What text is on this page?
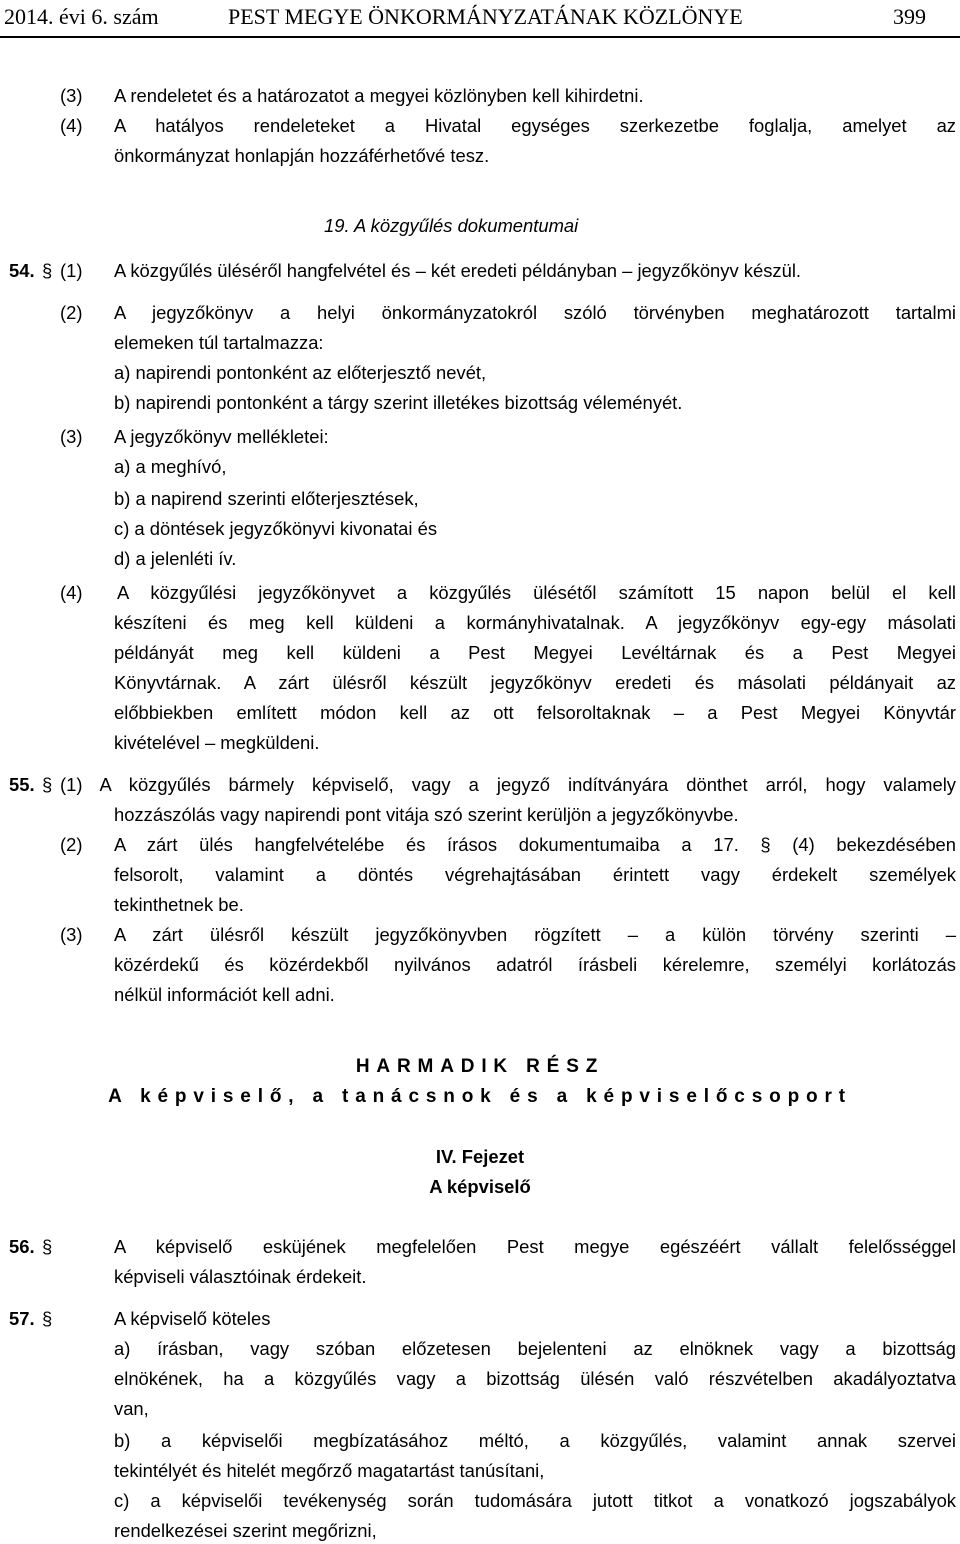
2014. évi 6. szám	PEST MEGYE ÖNKORMÁNYZATÁNAK KÖZLÖNYE	399
(3) A rendeletet és a határozatot a megyei közlönyben kell kihirdetni.
(4) A hatályos rendeleteket a Hivatal egységes szerkezetbe foglalja, amelyet az
önkormányzat honlapján hozzáférhetővé tesz.
19. A közgyűlés dokumentumai
54. § (1) A közgyűlés üléséről hangfelvétel és – két eredeti példányban – jegyzőkönyv készül.
(2) A jegyzőkönyv a helyi önkormányzatokról szóló törvényben meghatározott tartalmi
elemeken túl tartalmazza:
a) napirendi pontonként az előterjesztő nevét,
b) napirendi pontonként a tárgy szerint illetékes bizottság véleményét.
(3) A jegyzőkönyv mellékletei:
a) a meghívó,
b) a napirend szerinti előterjesztések,
c) a döntések jegyzőkönyvi kivonatai és
d) a jelenléti ív.
(4) A közgyűlési jegyzőkönyvet a közgyűlés ülésétől számított 15 napon belül el kell
készíteni és meg kell küldeni a kormányhivatalnak. A jegyzőkönyv egy-egy másolati
példányát meg kell küldeni a Pest Megyei Levéltárnak és a Pest Megyei
Könyvtárnak. A zárt ülésről készült jegyzőkönyv eredeti és másolati példányait az
előbbiekben említett módon kell az ott felsoroltaknak – a Pest Megyei Könyvtár
kivételével – megküldeni.
55. § (1) A közgyűlés bármely képviselő, vagy a jegyző indítványára dönthet arról, hogy valamely
hozzászólás vagy napirendi pont vitája szó szerint kerüljön a jegyzőkönyvbe.
(2) A zárt ülés hangfelvételébe és írásos dokumentumaiba a 17. § (4) bekezdésében
felsorolt, valamint a döntés végrehajtásában érintett vagy érdekelt személyek
tekinthetnek be.
(3) A zárt ülésről készült jegyzőkönyvben rögzített – a külön törvény szerinti –
közérdekű és közérdekből nyilvános adatról írásbeli kérelemre, személyi korlátozás
nélkül információt kell adni.
HARMADIK RÉSZ
A képviselő, a tanácsnok és a képviselőcsoport
IV. Fejezet
A képviselő
56. §	A képviselő esküjének megfelelően Pest megye egészéért vállalt felelősséggel
képviseli választóinak érdekeit.
57. §	A képviselő köteles
a) írásban, vagy szóban előzetesen bejelenteni az elnöknek vagy a bizottság
elnökének, ha a közgyűlés vagy a bizottság ülésén való részvételben akadályoztatva
van,
b) a képviselői megbízatásához méltó, a közgyűlés, valamint annak szervei
tekintélyét és hitelét megőrző magatartást tanúsítani,
c) a képviselői tevékenység során tudomására jutott titkot a vonatkozó jogszabályok
rendelkezései szerint megőrizni,
